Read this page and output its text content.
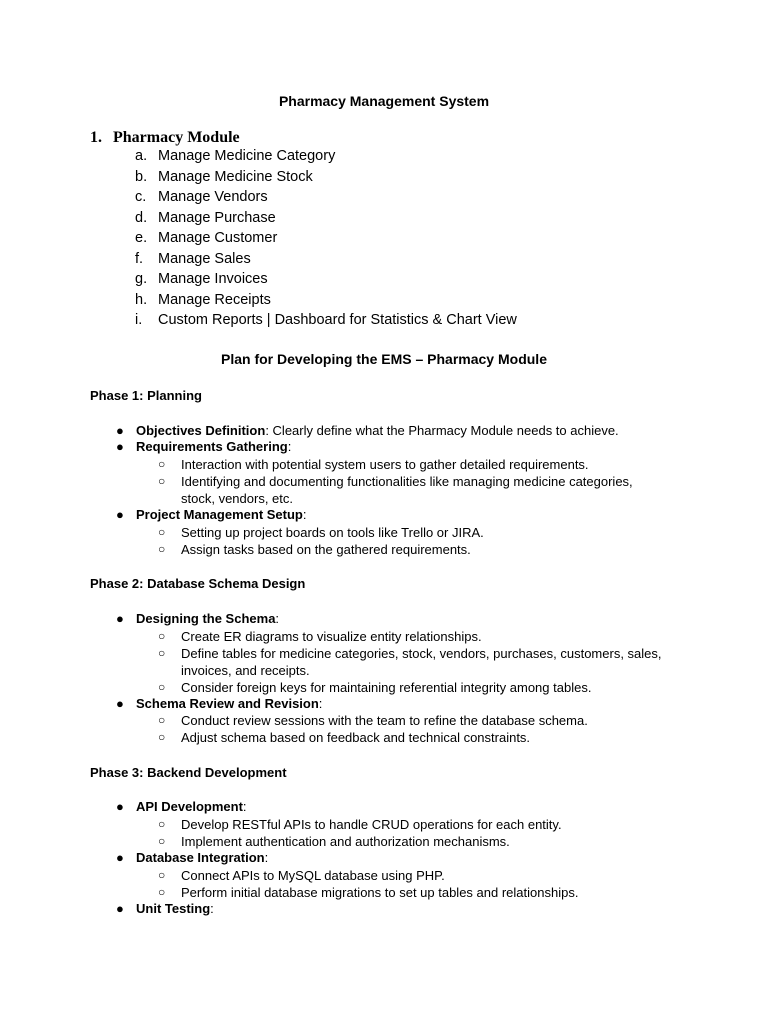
Pharmacy Management System
1. Pharmacy Module
a. Manage Medicine Category
b. Manage Medicine Stock
c. Manage Vendors
d. Manage Purchase
e. Manage Customer
f. Manage Sales
g. Manage Invoices
h. Manage Receipts
i. Custom Reports | Dashboard for Statistics & Chart View
Plan for Developing the EMS – Pharmacy Module
Phase 1: Planning
● Objectives Definition: Clearly define what the Pharmacy Module needs to achieve.
● Requirements Gathering:
○ Interaction with potential system users to gather detailed requirements.
○ Identifying and documenting functionalities like managing medicine categories,
stock, vendors, etc.
● Project Management Setup:
○ Setting up project boards on tools like Trello or JIRA.
○ Assign tasks based on the gathered requirements.
Phase 2: Database Schema Design
● Designing the Schema:
○ Create ER diagrams to visualize entity relationships.
○ Define tables for medicine categories, stock, vendors, purchases, customers, sales,
invoices, and receipts.
○ Consider foreign keys for maintaining referential integrity among tables.
● Schema Review and Revision:
○ Conduct review sessions with the team to refine the database schema.
○ Adjust schema based on feedback and technical constraints.
Phase 3: Backend Development
● API Development:
○ Develop RESTful APIs to handle CRUD operations for each entity.
○ Implement authentication and authorization mechanisms.
● Database Integration:
○ Connect APIs to MySQL database using PHP.
○ Perform initial database migrations to set up tables and relationships.
● Unit Testing:
